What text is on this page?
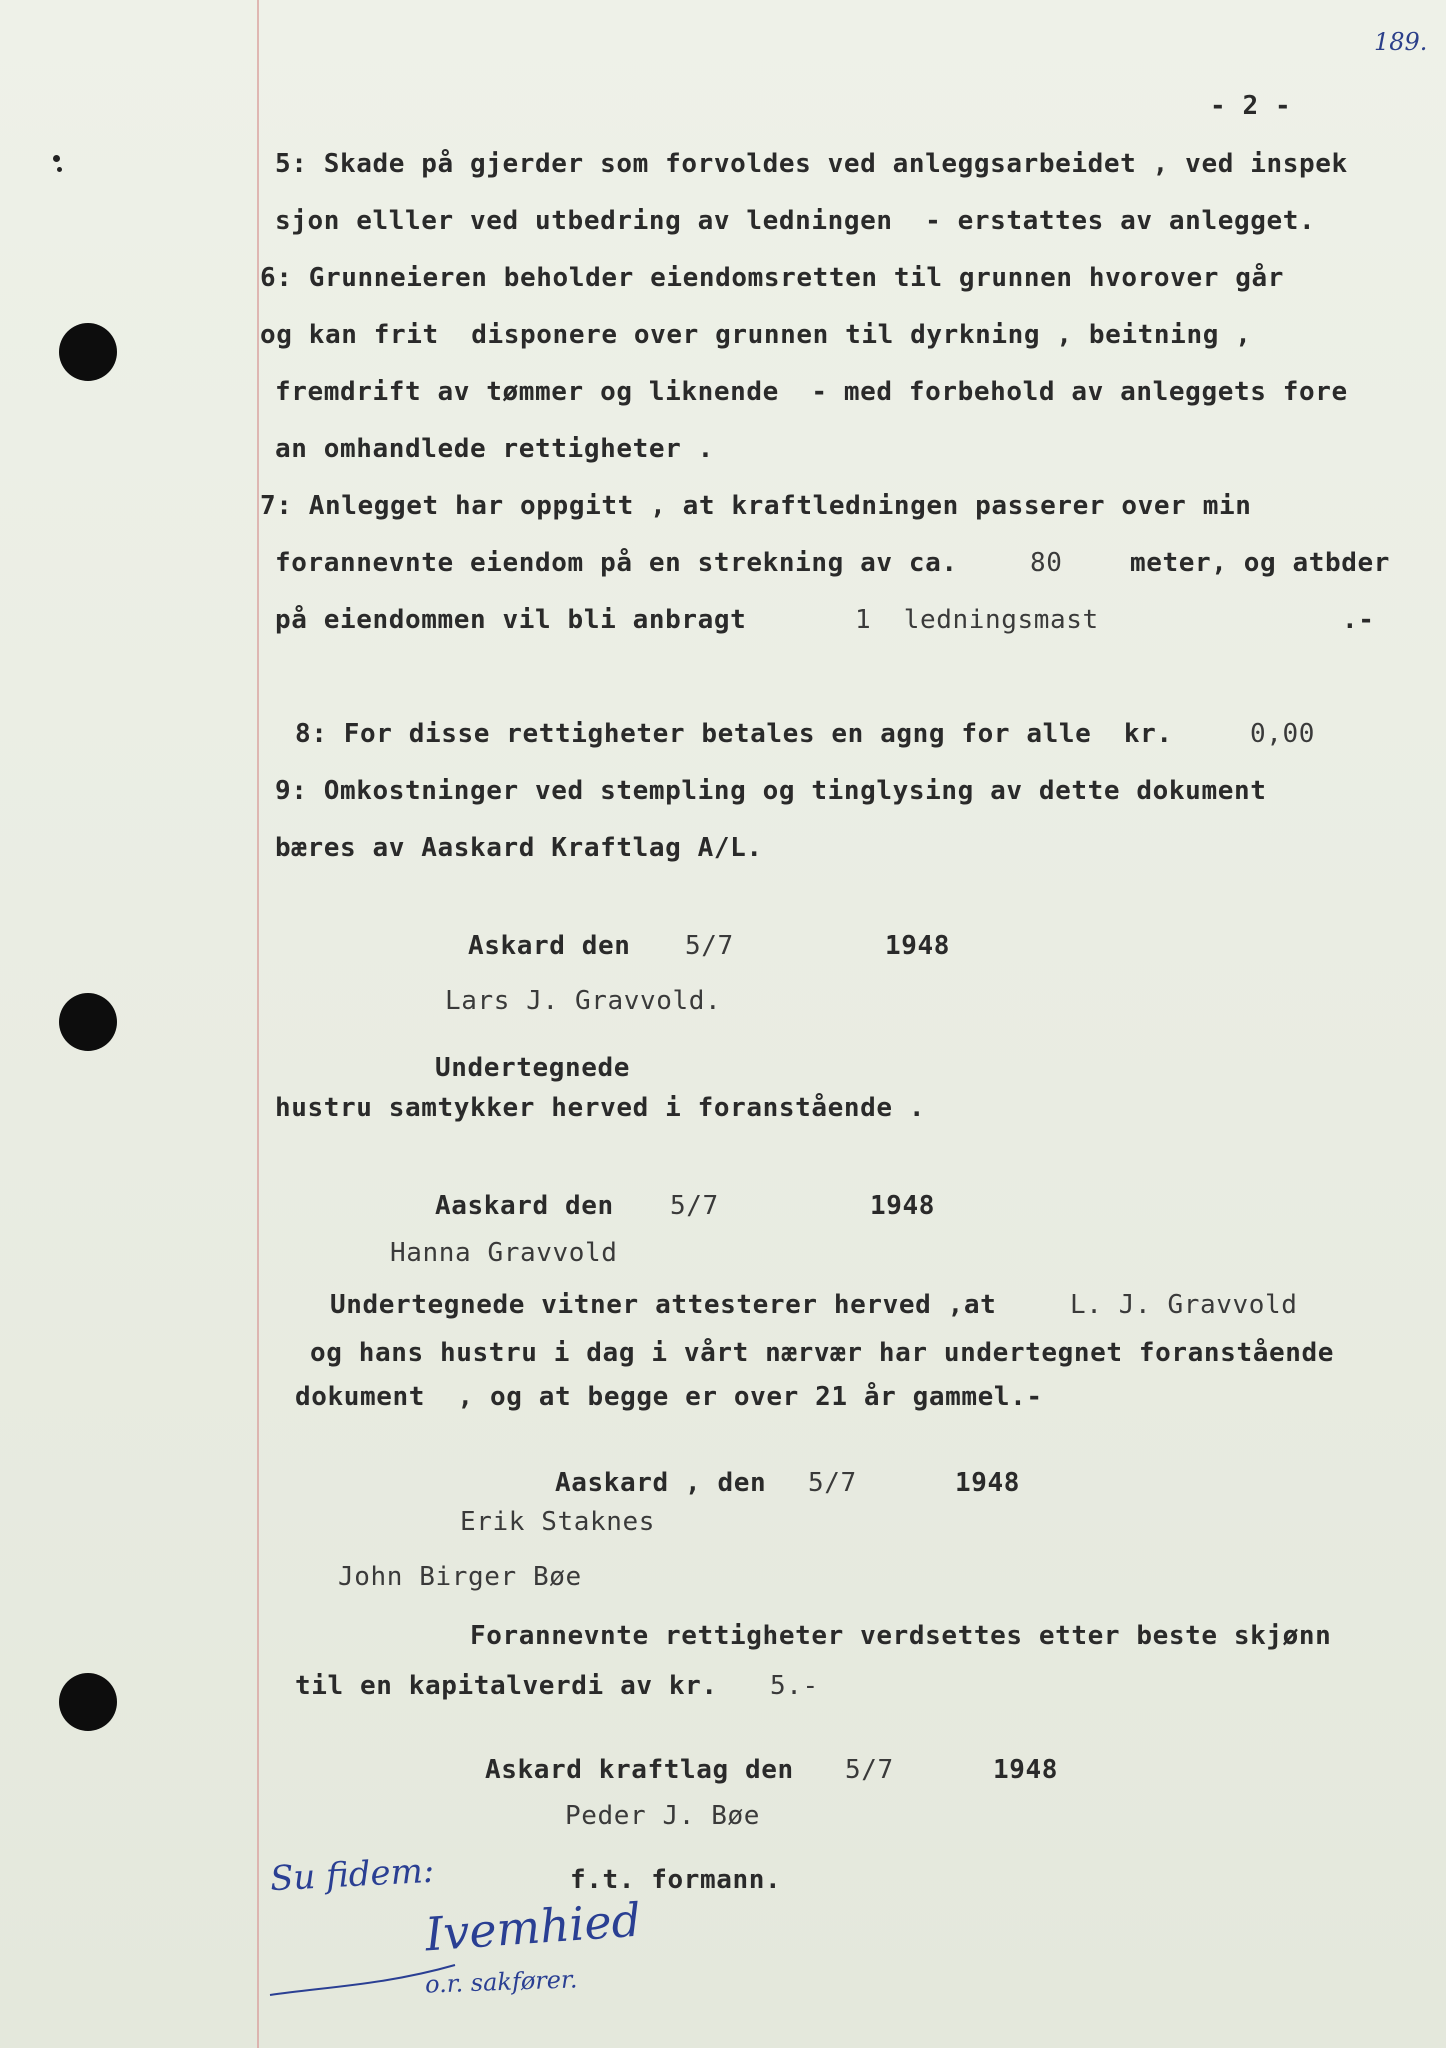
189.
- 2 -
5: Skade på gjerder som forvoldes ved anleggsarbeidet , ved inspek
sjon elller ved utbedring av ledningen  - erstattes av anlegget.
6: Grunneieren beholder eiendomsretten til grunnen hvorover går
og kan frit  disponere over grunnen til dyrkning , beitning ,
fremdrift av tømmer og liknende  - med forbehold av anleggets fore
an omhandlede rettigheter .
7: Anlegget har oppgitt , at kraftledningen passerer over min
forannevnte eiendom på en strekning av ca.	80	meter, og atbder
på eiendommen vil bli anbragt	1  ledningsmast	.-
8: For disse rettigheter betales en agng for alle  kr.	0,00
9: Omkostninger ved stempling og tinglysing av dette dokument
bæres av Aaskard Kraftlag A/L.
Askard den 5/7	1948
Lars J. Gravvold.
Undertegnede
hustru samtykker herved i foranstående .
Aaskard den 5/7	1948
Hanna Gravvold
Undertegnede vitner attesterer herved ,at	L. J. Gravvold
og hans hustru i dag i vårt nærvær har undertegnet foranstående
dokument  , og at begge er over 21 år gammel.-
Aaskard , den 5/7	1948
Erik Staknes
John Birger Bøe
Forannevnte rettigheter verdsettes etter beste skjønn
til en kapitalverdi av kr. 5.-
Askard kraftlag den 5/7	1948
Peder J. Bøe
f.t. formann.
Su fidem:
Ivemhied
o.r. sakfører.
